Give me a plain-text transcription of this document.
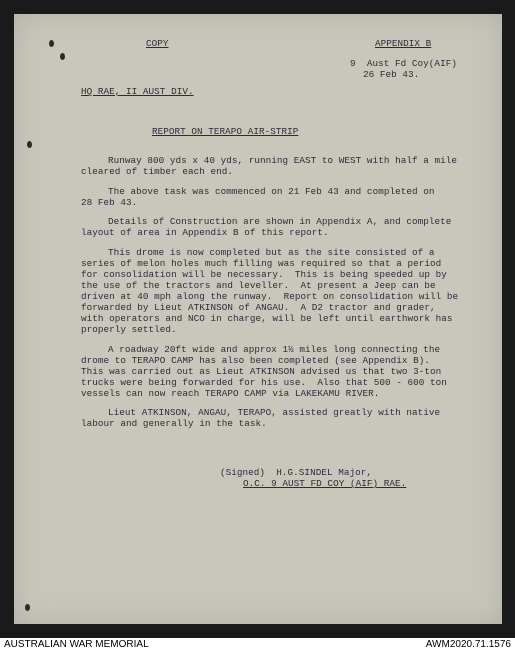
COPY	APPENDIX B
9  Aust Fd Coy(AIF)
26 Feb 43.
HQ RAE, II AUST DIV.
REPORT ON TERAPO AIR-STRIP
Runway 800 yds x 40 yds, running EAST to WEST with half a mile
cleared of timber each end.
The above task was commenced on 21 Feb 43 and completed on
28 Feb 43.
Details of Construction are shown in Appendix A, and complete
layout of area in Appendix B of this report.
This drome is now completed but as the site consisted of a
series of melon holes much filling was required so that a period
for consolidation will be necessary.  This is being speeded up by
the use of the tractors and leveller.  At present a Jeep can be
driven at 40 mph along the runway.  Report on consolidation will be
forwarded by Lieut ATKINSON of ANGAU.  A D2 tractor and grader,
with operators and NCO in charge, will be left until earthwork has
properly settled.
A roadway 20ft wide and approx 1½ miles long connecting the
drome to TERAPO CAMP has also been completed (see Appendix B).
This was carried out as Lieut ATKINSON advised us that two 3-ton
trucks were being forwarded for his use.  Also that 500 - 600 ton
vessels can now reach TERAPO CAMP via LAKEKAMU RIVER.
Lieut ATKINSON, ANGAU, TERAPO, assisted greatly with native
labour and generally in the task.
(Signed)  H.G.SINDEL Major,
O.C. 9 AUST FD COY (AIF) RAE.
AUSTRALIAN WAR MEMORIAL	AWM2020.71.1576
